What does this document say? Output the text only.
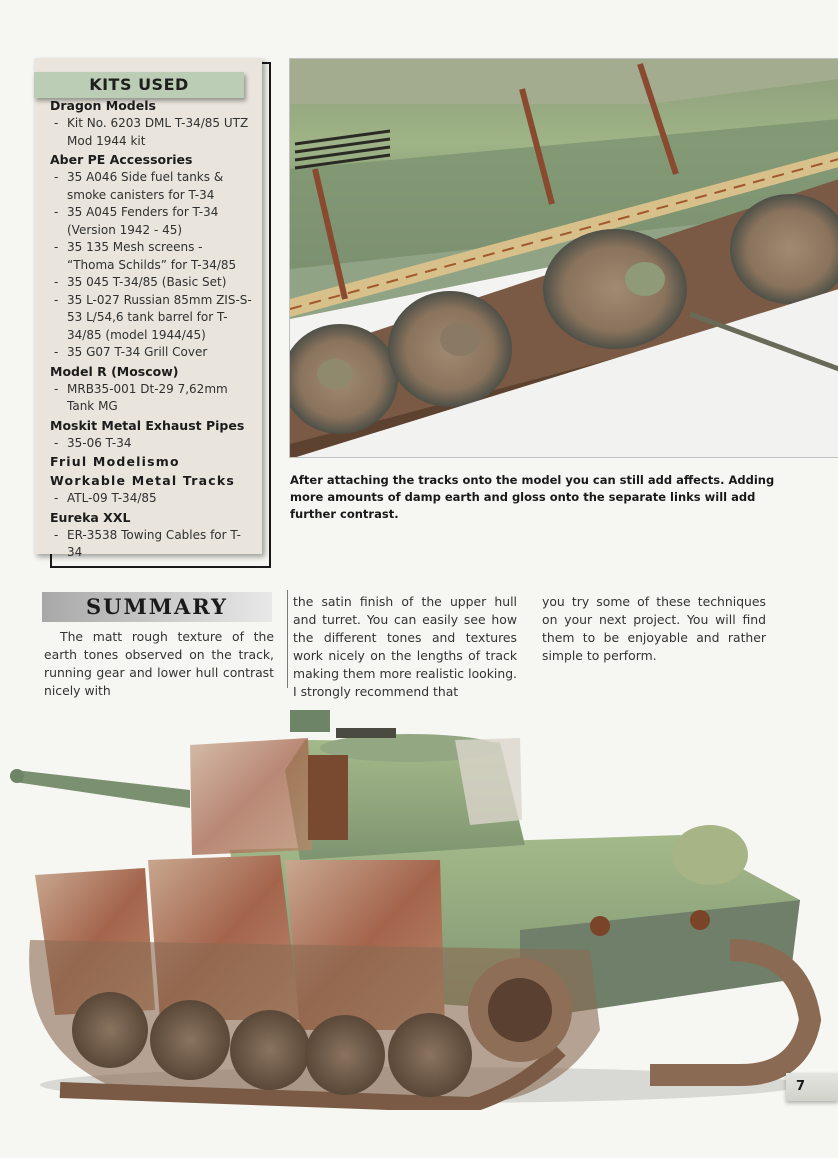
Dragon Models
- Kit No. 6203 DML T-34/85 UTZ Mod 1944 kit
Aber PE Accessories
- 35 A046 Side fuel tanks & smoke canisters for T-34
- 35 A045 Fenders for T-34 (Version 1942 - 45)
- 35 135 Mesh screens - “Thoma Schilds” for T-34/85
- 35 045 T-34/85 (Basic Set)
- 35 L-027 Russian 85mm ZIS-S-53 L/54,6 tank barrel for T-34/85 (model 1944/45)
- 35 G07 T-34 Grill Cover
Model R (Moscow)
- MRB35-001 Dt-29 7,62mm Tank MG
Moskit Metal Exhaust Pipes
- 35-06 T-34
Friul Modelismo Workable Metal Tracks
- ATL-09 T-34/85
Eureka XXL
- ER-3538 Towing Cables for T-34
KITS USED
After attaching the tracks onto the model you can still add affects. Adding more amounts of damp earth and gloss onto the separate links will add further contrast.
SUMMARY
The matt rough texture of the earth tones observed on the track, running gear and lower hull contrast nicely with
the satin finish of the upper hull and turret. You can easily see how the different tones and textures work nicely on the lengths of track making them more realistic looking. I strongly recommend that
you try some of these techniques on your next project. You will find them to be enjoyable and rather simple to perform.
7
